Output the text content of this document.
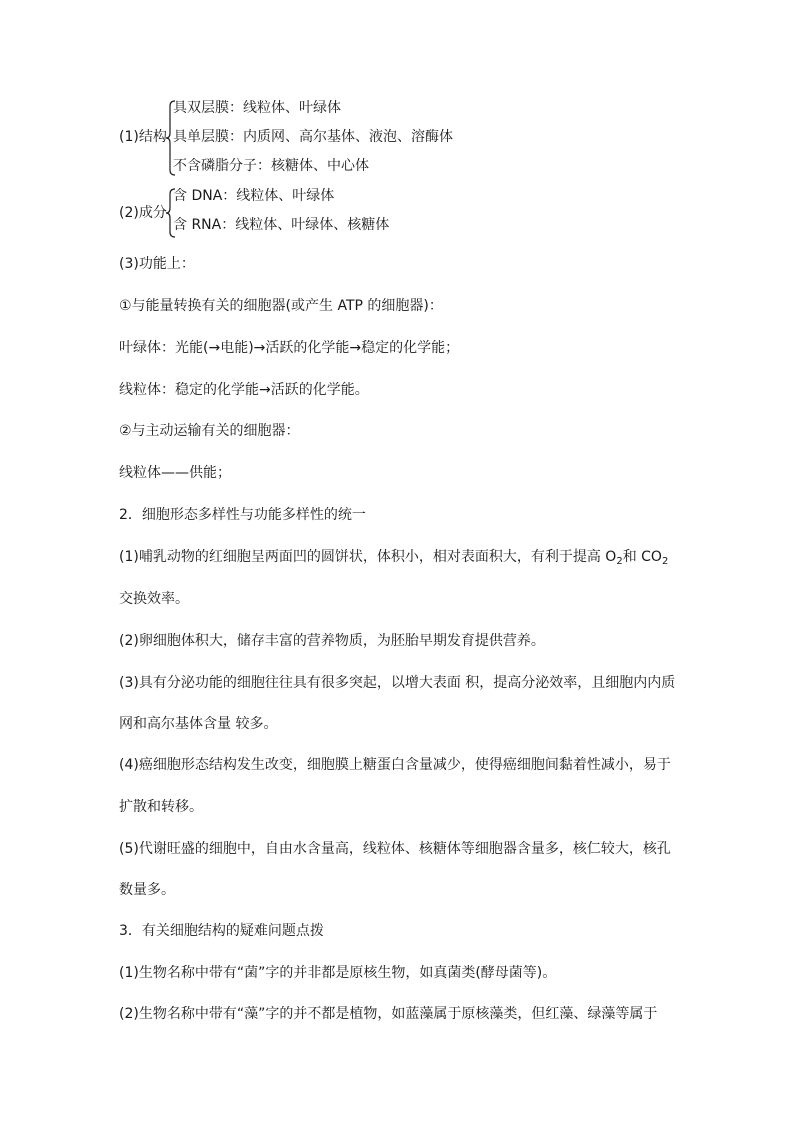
(1)结构
具双层膜：线粒体、叶绿体
具单层膜：内质网、高尔基体、液泡、溶酶体
不含磷脂分子：核糖体、中心体
(2)成分
含 DNA：线粒体、叶绿体
含 RNA：线粒体、叶绿体、核糖体
(3)功能上：
①与能量转换有关的细胞器(或产生 ATP 的细胞器)：
叶绿体：光能(→电能)→活跃的化学能→稳定的化学能；
线粒体：稳定的化学能→活跃的化学能。
②与主动运输有关的细胞器：
线粒体——供能；
2．细胞形态多样性与功能多样性的统一
(1)哺乳动物的红细胞呈两面凹的圆饼状，体积小，相对表面积大，有利于提高 $O_2$和 $CO_2$
交换效率。
(2)卵细胞体积大，储存丰富的营养物质，为胚胎早期发育提供营养。
(3)具有分泌功能的细胞往往具有很多突起，以增大表面 积，提高分泌效率，且细胞内内质
网和高尔基体含量 较多。
(4)癌细胞形态结构发生改变，细胞膜上糖蛋白含量减少，使得癌细胞间黏着性减小，易于
扩散和转移。
(5)代谢旺盛的细胞中，自由水含量高，线粒体、核糖体等细胞器含量多，核仁较大，核孔
数量多。
3．有关细胞结构的疑难问题点拨
(1)生物名称中带有“菌”字的并非都是原核生物，如真菌类(酵母菌等)。
(2)生物名称中带有“藻”字的并不都是植物，如蓝藻属于原核藻类，但红藻、绿藻等属于
